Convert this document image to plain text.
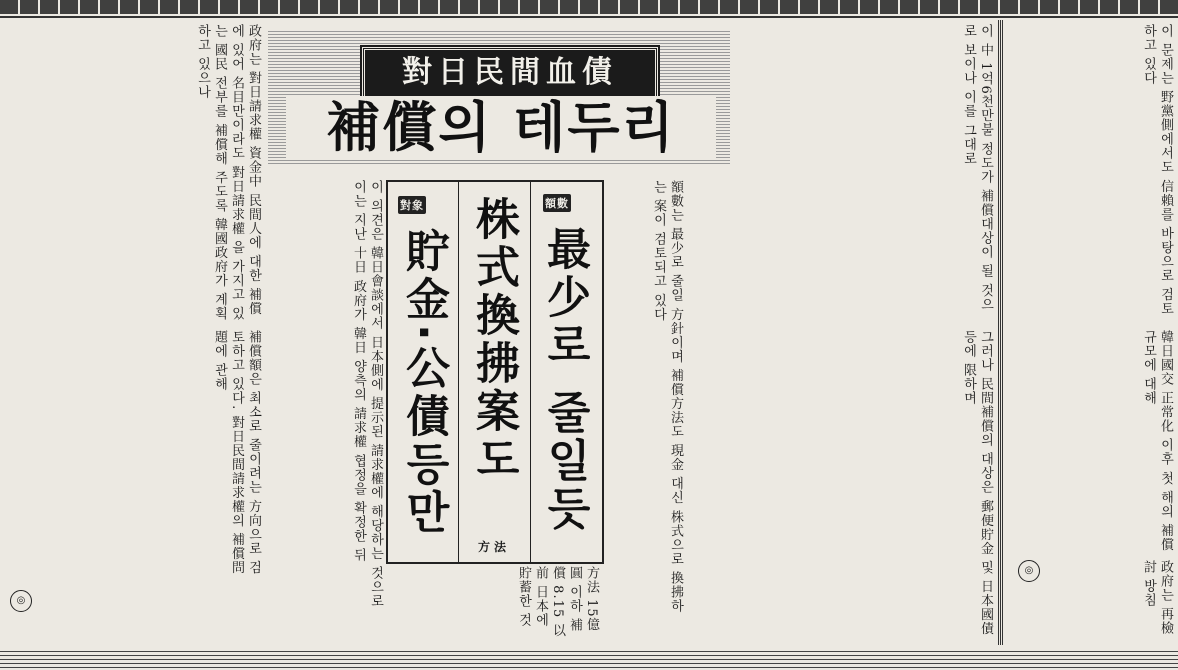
政府는 對日請求權 資金中 民間人에 대한 補償에 있어 名目만이라도 對日請求權 을 가지고 있는 國民 전부를 補償해 주도록 韓國政府가 계획하고 있으나
補償額은 최소로 줄이려는 方向으로 검토하고 있다. 對日民間請求權의 補償問題에 관해
對日民間血債
補償의 테두리
이 의견은 韓日會談에서 日本側에 提示된 請求權에 해당하는 것으로 이는 지난 十日 政府가 韓日 양측의 請求權 협정을 확정한 뒤	額數는 最少로 줄일 方針이며 補償方法도 現金 대신 株式으로 換拂하는 案이 검토되고 있다
方法 15億 圓 이하 補償 8․15 以前 日本에 貯蓄한 것
이 中 1억6천만불 정도가 補償대상이 될 것으로 보이나 이를 그대로
그러나 民間補償의 대상은 郵便貯金 및 日本國債 등에 限하며
額數
最少로 줄일듯
株式換拂案도
方法
對象
貯金·公債등만
이 문제는 野黨側에서도 信賴를 바탕으로 검토하고 있다
韓日國交 正常化 이후 첫 해의 補償 규모에 대해
政府는 再檢討 방침
◎
◎
